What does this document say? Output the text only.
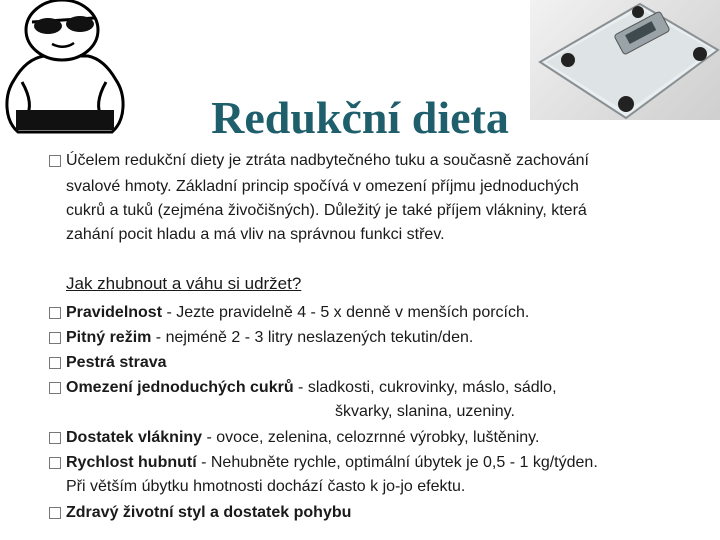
Redukční dieta
Účelem redukční diety je ztráta nadbytečného tuku a současně zachování
svalové hmoty. Základní princip spočívá v omezení příjmu jednoduchých
cukrů a tuků (zejména živočišných). Důležitý je také příjem vlákniny, která
zahání pocit hladu a má vliv na správnou funkci střev.
Jak zhubnout a váhu si udržet?
Pravidelnost - Jezte pravidelně 4 - 5 x denně v menších porcích.
Pitný režim - nejméně 2 - 3 litry neslazených tekutin/den.
Pestrá strava
Omezení jednoduchých cukrů - sladkosti, cukrovinky, máslo, sádlo,
škvarky, slanina, uzeniny.
Dostatek vlákniny - ovoce, zelenina, celozrnné výrobky, luštěniny.
Rychlost hubnutí - Nehubněte rychle, optimální úbytek je 0,5 - 1 kg/týden.
Při větším úbytku hmotnosti dochází často k jo-jo efektu.
Zdravý životní styl a dostatek pohybu
